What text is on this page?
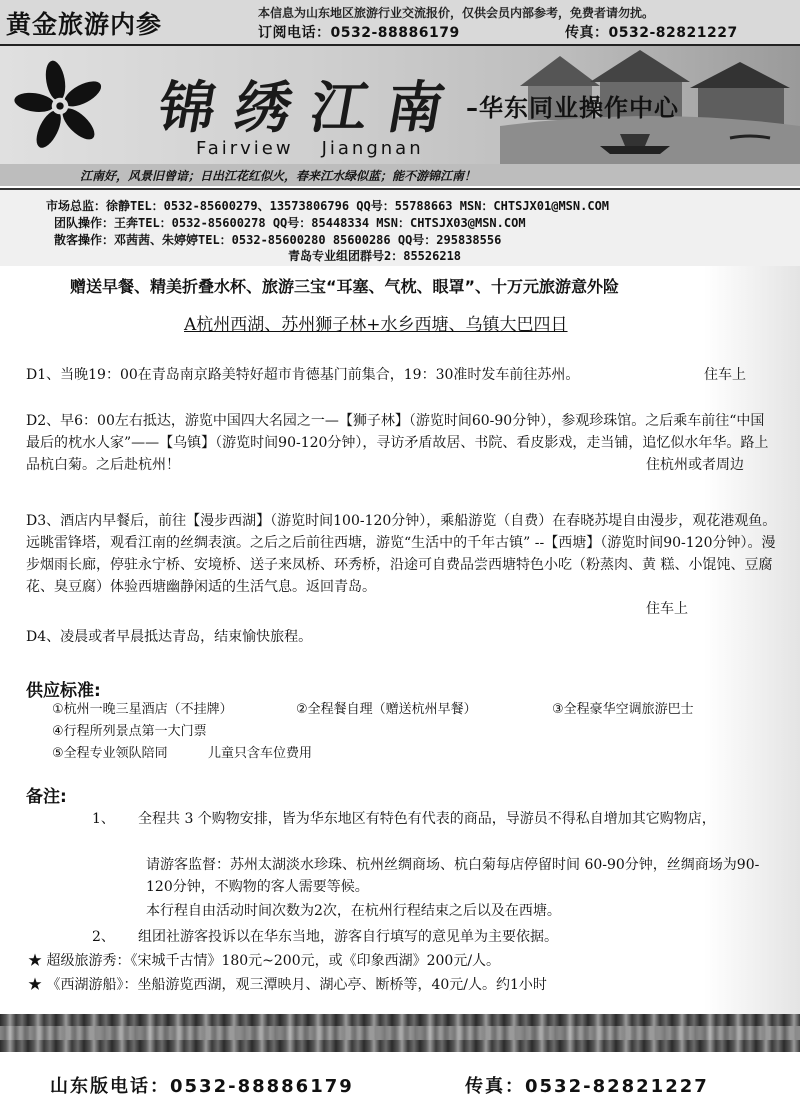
黄金旅游内参	本信息为山东地区旅游行业交流报价，仅供会员内部参考，免费者请勿扰。
订阅电话：0532-88886179	传真：0532-82821227
锦绣江南
–华东同业操作中心
Fairview Jiangnan
江南好，风景旧曾谙；日出江花红似火，春来江水绿似蓝；能不游锦江南！
市场总监：徐静TEL：0532-85600279、13573806796 QQ号：55788663 MSN：CHTSJX01@MSN.COM
团队操作：王奔TEL：0532-85600278 QQ号：85448334 MSN：CHTSJX03@MSN.COM
散客操作：邓茜茜、朱婷婷TEL：0532-85600280 85600286 QQ号：295838556
青岛专业组团群号2：85526218
赠送早餐、精美折叠水杯、旅游三宝“耳塞、气枕、眼罩”、十万元旅游意外险
A杭州西湖、苏州狮子林+水乡西塘、乌镇大巴四日
D1、当晚19：00在青岛南京路美特好超市肯德基门前集合，19：30准时发车前往苏州。	住车上
D2、早6：00左右抵达，游览中国四大名园之一—【狮子林】（游览时间60-90分钟），参观珍珠馆。之后乘车前往“中国最后的枕水人家”——【乌镇】（游览时间90-120分钟），寻访矛盾故居、书院、看皮影戏，走当铺，追忆似水年华。路上品杭白菊。之后赴杭州！	住杭州或者周边
D3、酒店内早餐后，前往【漫步西湖】（游览时间100-120分钟），乘船游览（自费）在春晓苏堤自由漫步，观花港观鱼。远眺雷锋塔，观看江南的丝绸表演。之后之后前往西塘，游览“生活中的千年古镇” --【西塘】（游览时间90-120分钟）。漫步烟雨长廊，停驻永宁桥、安境桥、送子来凤桥、环秀桥，沿途可自费品尝西塘特色小吃（粉蒸肉、黄 糕、小馄饨、豆腐花、臭豆腐）体验西塘幽静闲适的生活气息。返回青岛。
住车上
D4、凌晨或者早晨抵达青岛，结束愉快旅程。
供应标准:
①杭州一晚三星酒店（不挂牌）	②全程餐自理（赠送杭州早餐）	③全程豪华空调旅游巴士
④行程所列景点第一大门票
⑤全程专业领队陪同	儿童只含车位费用
备注:
1、 全程共 3 个购物安排，皆为华东地区有特色有代表的商品，导游员不得私自增加其它购物店，
请游客监督：苏州太湖淡水珍珠、杭州丝绸商场、杭白菊每店停留时间 60-90分钟，丝绸商场为90-120分钟，不购物的客人需要等候。
本行程自由活动时间次数为2次，在杭州行程结束之后以及在西塘。
2、 组团社游客投诉以在华东当地，游客自行填写的意见单为主要依据。
★ 超级旅游秀：《宋城千古情》180元~200元，或《印象西湖》200元/人。
★ 《西湖游船》：坐船游览西湖，观三潭映月、湖心亭、断桥等，40元/人。约1小时
山东版电话：0532-88886179	传真：0532-82821227
